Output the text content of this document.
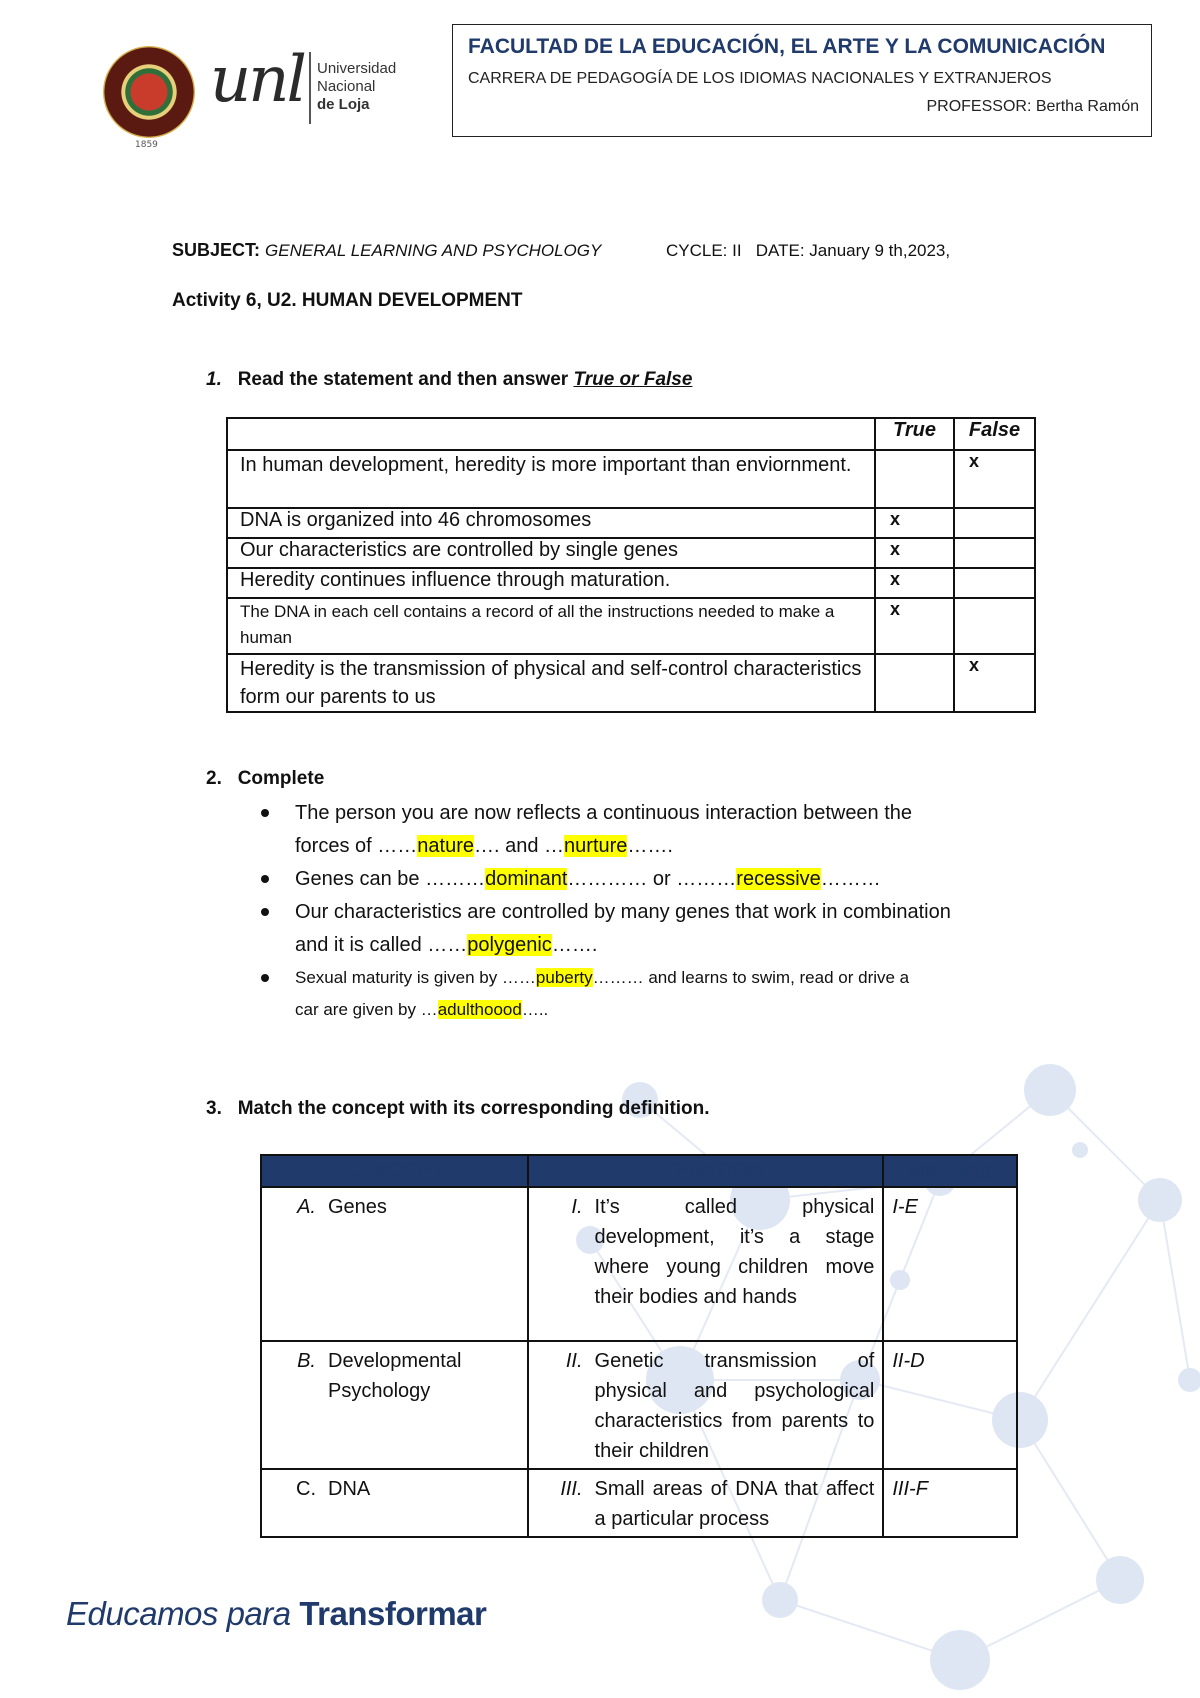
1859
unl Universidad
Nacional
de Loja
FACULTAD DE LA EDUCACIÓN, EL ARTE Y LA COMUNICACIÓN
CARRERA DE PEDAGOGÍA DE LOS IDIOMAS NACIONALES Y EXTRANJEROS
PROFESSOR: Bertha Ramón
SUBJECT: GENERAL LEARNING AND PSYCHOLOGY	CYCLE: II DATE: January 9 th,2023,
Activity 6, U2. HUMAN DEVELOPMENT
1. Read the statement and then answer True or False
	True	False
In human development, heredity is more important than enviornment.		x
DNA is organized into 46 chromosomes	x	
Our characteristics are controlled by single genes	x	
Heredity continues influence through maturation.	x	
The DNA in each cell contains a record of all the instructions needed to make a human	x	
Heredity is the transmission of physical and self-control characteristics form our parents to us		x
2. Complete
The person you are now reflects a continuous interaction between the
forces of ……nature…. and …nurture…….
Genes can be ………dominant………… or ………recessive………
Our characteristics are controlled by many genes that work in combination
and it is called ……polygenic…….
Sexual maturity is given by ……puberty……… and learns to swim, read or drive a
car are given by …adulthoood…..
3. Match the concept with its corresponding definition.
CONCEPT	DEFINITION	Matching

A. Genes	I. It’s called physical development, it’s a stage where young children move their bodies and hands	I-E

B. Developmental Psychology	II. Genetic transmission of physical and psychological characteristics from parents to their children	II-D

C. DNA	III. Small areas of DNA that affect a particular process	III-F
Educamos para Transformar
